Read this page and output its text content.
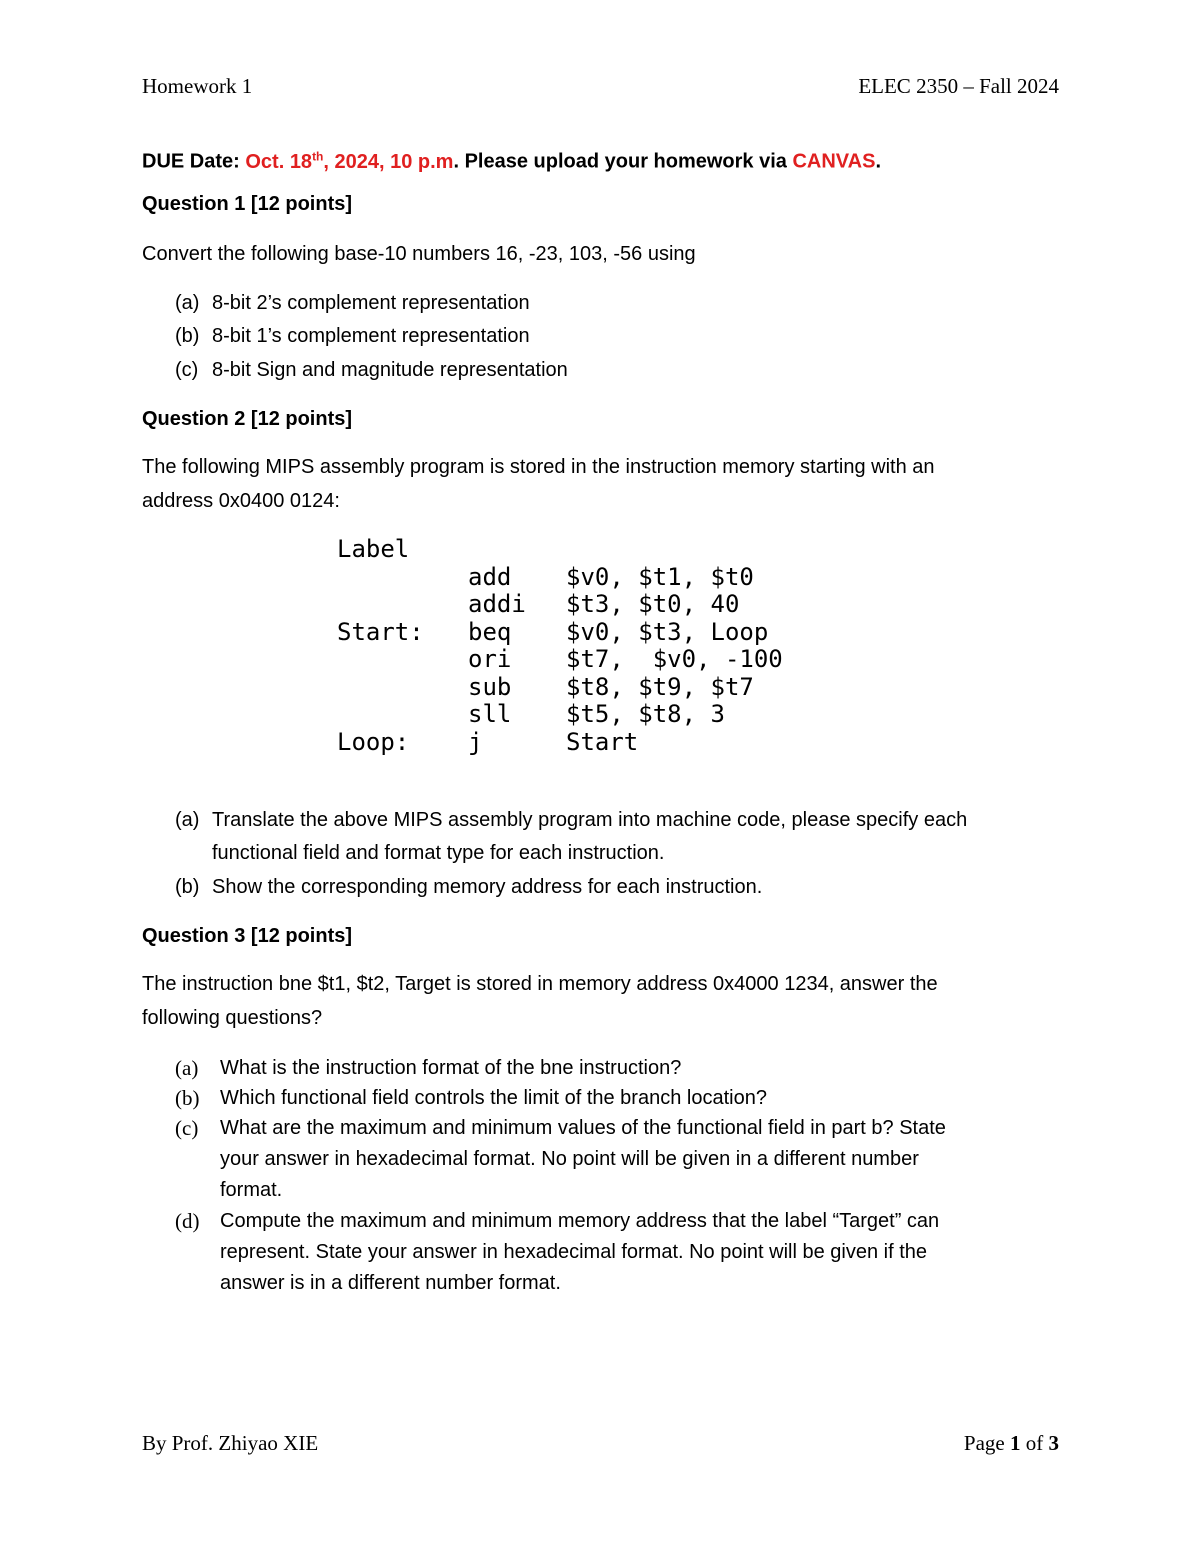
Homework 1	ELEC 2350 – Fall 2024
DUE Date: Oct. 18th, 2024, 10 p.m. Please upload your homework via CANVAS.
Question 1 [12 points]
Convert the following base-10 numbers 16, -23, 103, -56 using
(a) 8-bit 2’s complement representation
(b) 8-bit 1’s complement representation
(c) 8-bit Sign and magnitude representation
Question 2 [12 points]
The following MIPS assembly program is stored in the instruction memory starting with an
address 0x0400 0124:
Label
add $v0, $t1, $t0
addi $t3, $t0, 40
Start: beq $v0, $t3, Loop
ori $t7,  $v0, -100
sub $t8, $t9, $t7
sll $t5, $t8, 3
Loop: j	Start
(a) Translate the above MIPS assembly program into machine code, please specify each
functional field and format type for each instruction.
(b) Show the corresponding memory address for each instruction.
Question 3 [12 points]
The instruction bne $t1, $t2, Target is stored in memory address 0x4000 1234, answer the
following questions?
(a) What is the instruction format of the bne instruction?
(b) Which functional field controls the limit of the branch location?
(c) What are the maximum and minimum values of the functional field in part b? State
your answer in hexadecimal format. No point will be given in a different number
format.
(d) Compute the maximum and minimum memory address that the label “Target” can
represent. State your answer in hexadecimal format. No point will be given if the
answer is in a different number format.
By Prof. Zhiyao XIE	Page 1 of 3
